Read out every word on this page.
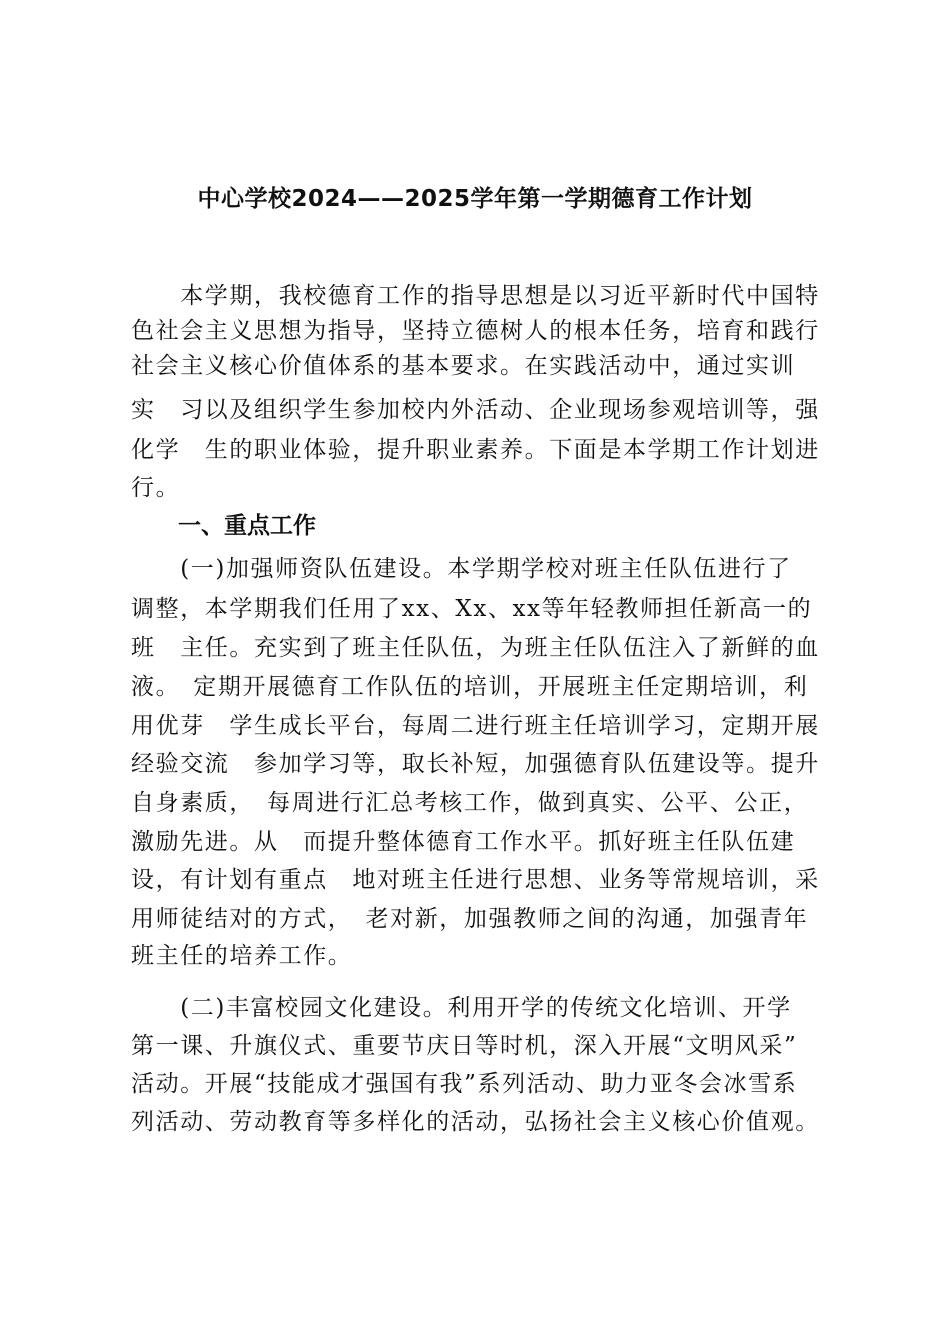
中心学校2024——2025学年第一学期德育工作计划

　　本学期，我校德育工作的指导思想是以习近平新时代中国特

色社会主义思想为指导，坚持立德树人的根本任务，培育和践行

社会主义核心价值体系的基本要求。在实践活动中，通过实训

实　习以及组织学生参加校内外活动、企业现场参观培训等，强

化学　生的职业体验，提升职业素养。下面是本学期工作计划进

行。

一、重点工作

　　(一)加强师资队伍建设。本学期学校对班主任队伍进行了

调整，本学期我们任用了xx、Xx、xx等年轻教师担任新高一的

班　主任。充实到了班主任队伍，为班主任队伍注入了新鲜的血

液。　定期开展德育工作队伍的培训，开展班主任定期培训，利

用优芽　学生成长平台，每周二进行班主任培训学习，定期开展

经验交流　参加学习等，取长补短，加强德育队伍建设等。提升

自身素质，　每周进行汇总考核工作，做到真实、公平、公正，

激励先进。从　而提升整体德育工作水平。抓好班主任队伍建

设，有计划有重点　地对班主任进行思想、业务等常规培训，采

用师徒结对的方式，　老对新，加强教师之间的沟通，加强青年

班主任的培养工作。

　　(二)丰富校园文化建设。利用开学的传统文化培训、开学

第一课、升旗仪式、重要节庆日等时机，深入开展“文明风采”

活动。开展“技能成才强国有我”系列活动、助力亚冬会冰雪系

列活动、劳动教育等多样化的活动，弘扬社会主义核心价值观。
